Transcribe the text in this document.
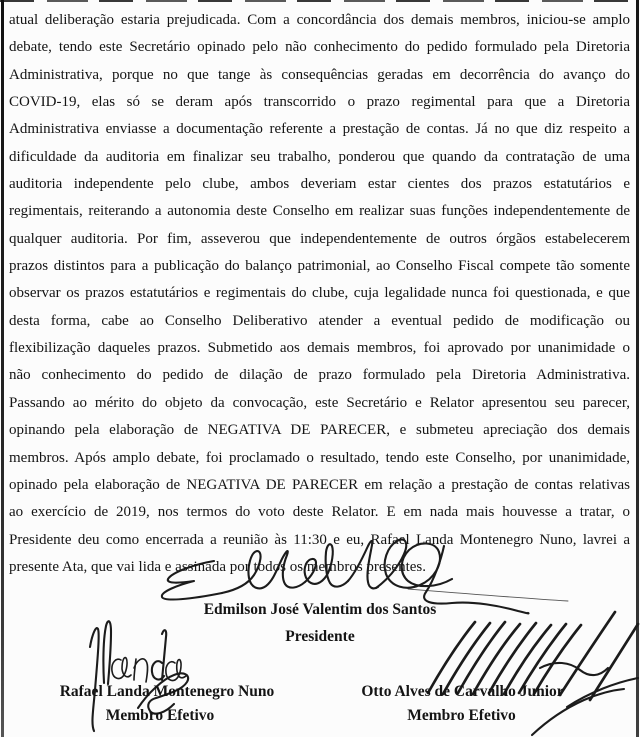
atual deliberação estaria prejudicada. Com a concordância dos demais membros, iniciou-se amplo
debate, tendo este Secretário opinado pelo não conhecimento do pedido formulado pela Diretoria
Administrativa, porque no que tange às consequências geradas em decorrência do avanço do
COVID-19, elas só se deram após transcorrido o prazo regimental para que a Diretoria
Administrativa enviasse a documentação referente a prestação de contas. Já no que diz respeito a
dificuldade da auditoria em finalizar seu trabalho, ponderou que quando da contratação de uma
auditoria independente pelo clube, ambos deveriam estar cientes dos prazos estatutários e
regimentais, reiterando a autonomia deste Conselho em realizar suas funções independentemente de
qualquer auditoria. Por fim, asseverou que independentemente de outros órgãos estabelecerem
prazos distintos para a publicação do balanço patrimonial, ao Conselho Fiscal compete tão somente
observar os prazos estatutários e regimentais do clube, cuja legalidade nunca foi questionada, e que
desta forma, cabe ao Conselho Deliberativo atender a eventual pedido de modificação ou
flexibilização daqueles prazos. Submetido aos demais membros, foi aprovado por unanimidade o
não conhecimento do pedido de dilação de prazo formulado pela Diretoria Administrativa.
Passando ao mérito do objeto da convocação, este Secretário e Relator apresentou seu parecer,
opinando pela elaboração de NEGATIVA DE PARECER, e submeteu apreciação dos demais
membros. Após amplo debate, foi proclamado o resultado, tendo este Conselho, por unanimidade,
opinado pela elaboração de NEGATIVA DE PARECER em relação a prestação de contas relativas
ao exercício de 2019, nos termos do voto deste Relator. E em nada mais houvesse a tratar, o
Presidente deu como encerrada a reunião às 11:30 e eu, Rafael Landa Montenegro Nuno, lavrei a
presente Ata, que vai lida e assinada por todos os membros presentes.
Edmilson José Valentim dos Santos
Presidente
Rafael Landa Montenegro Nuno	Otto Alves de Carvalho Junior
Membro Efetivo	Membro Efetivo
